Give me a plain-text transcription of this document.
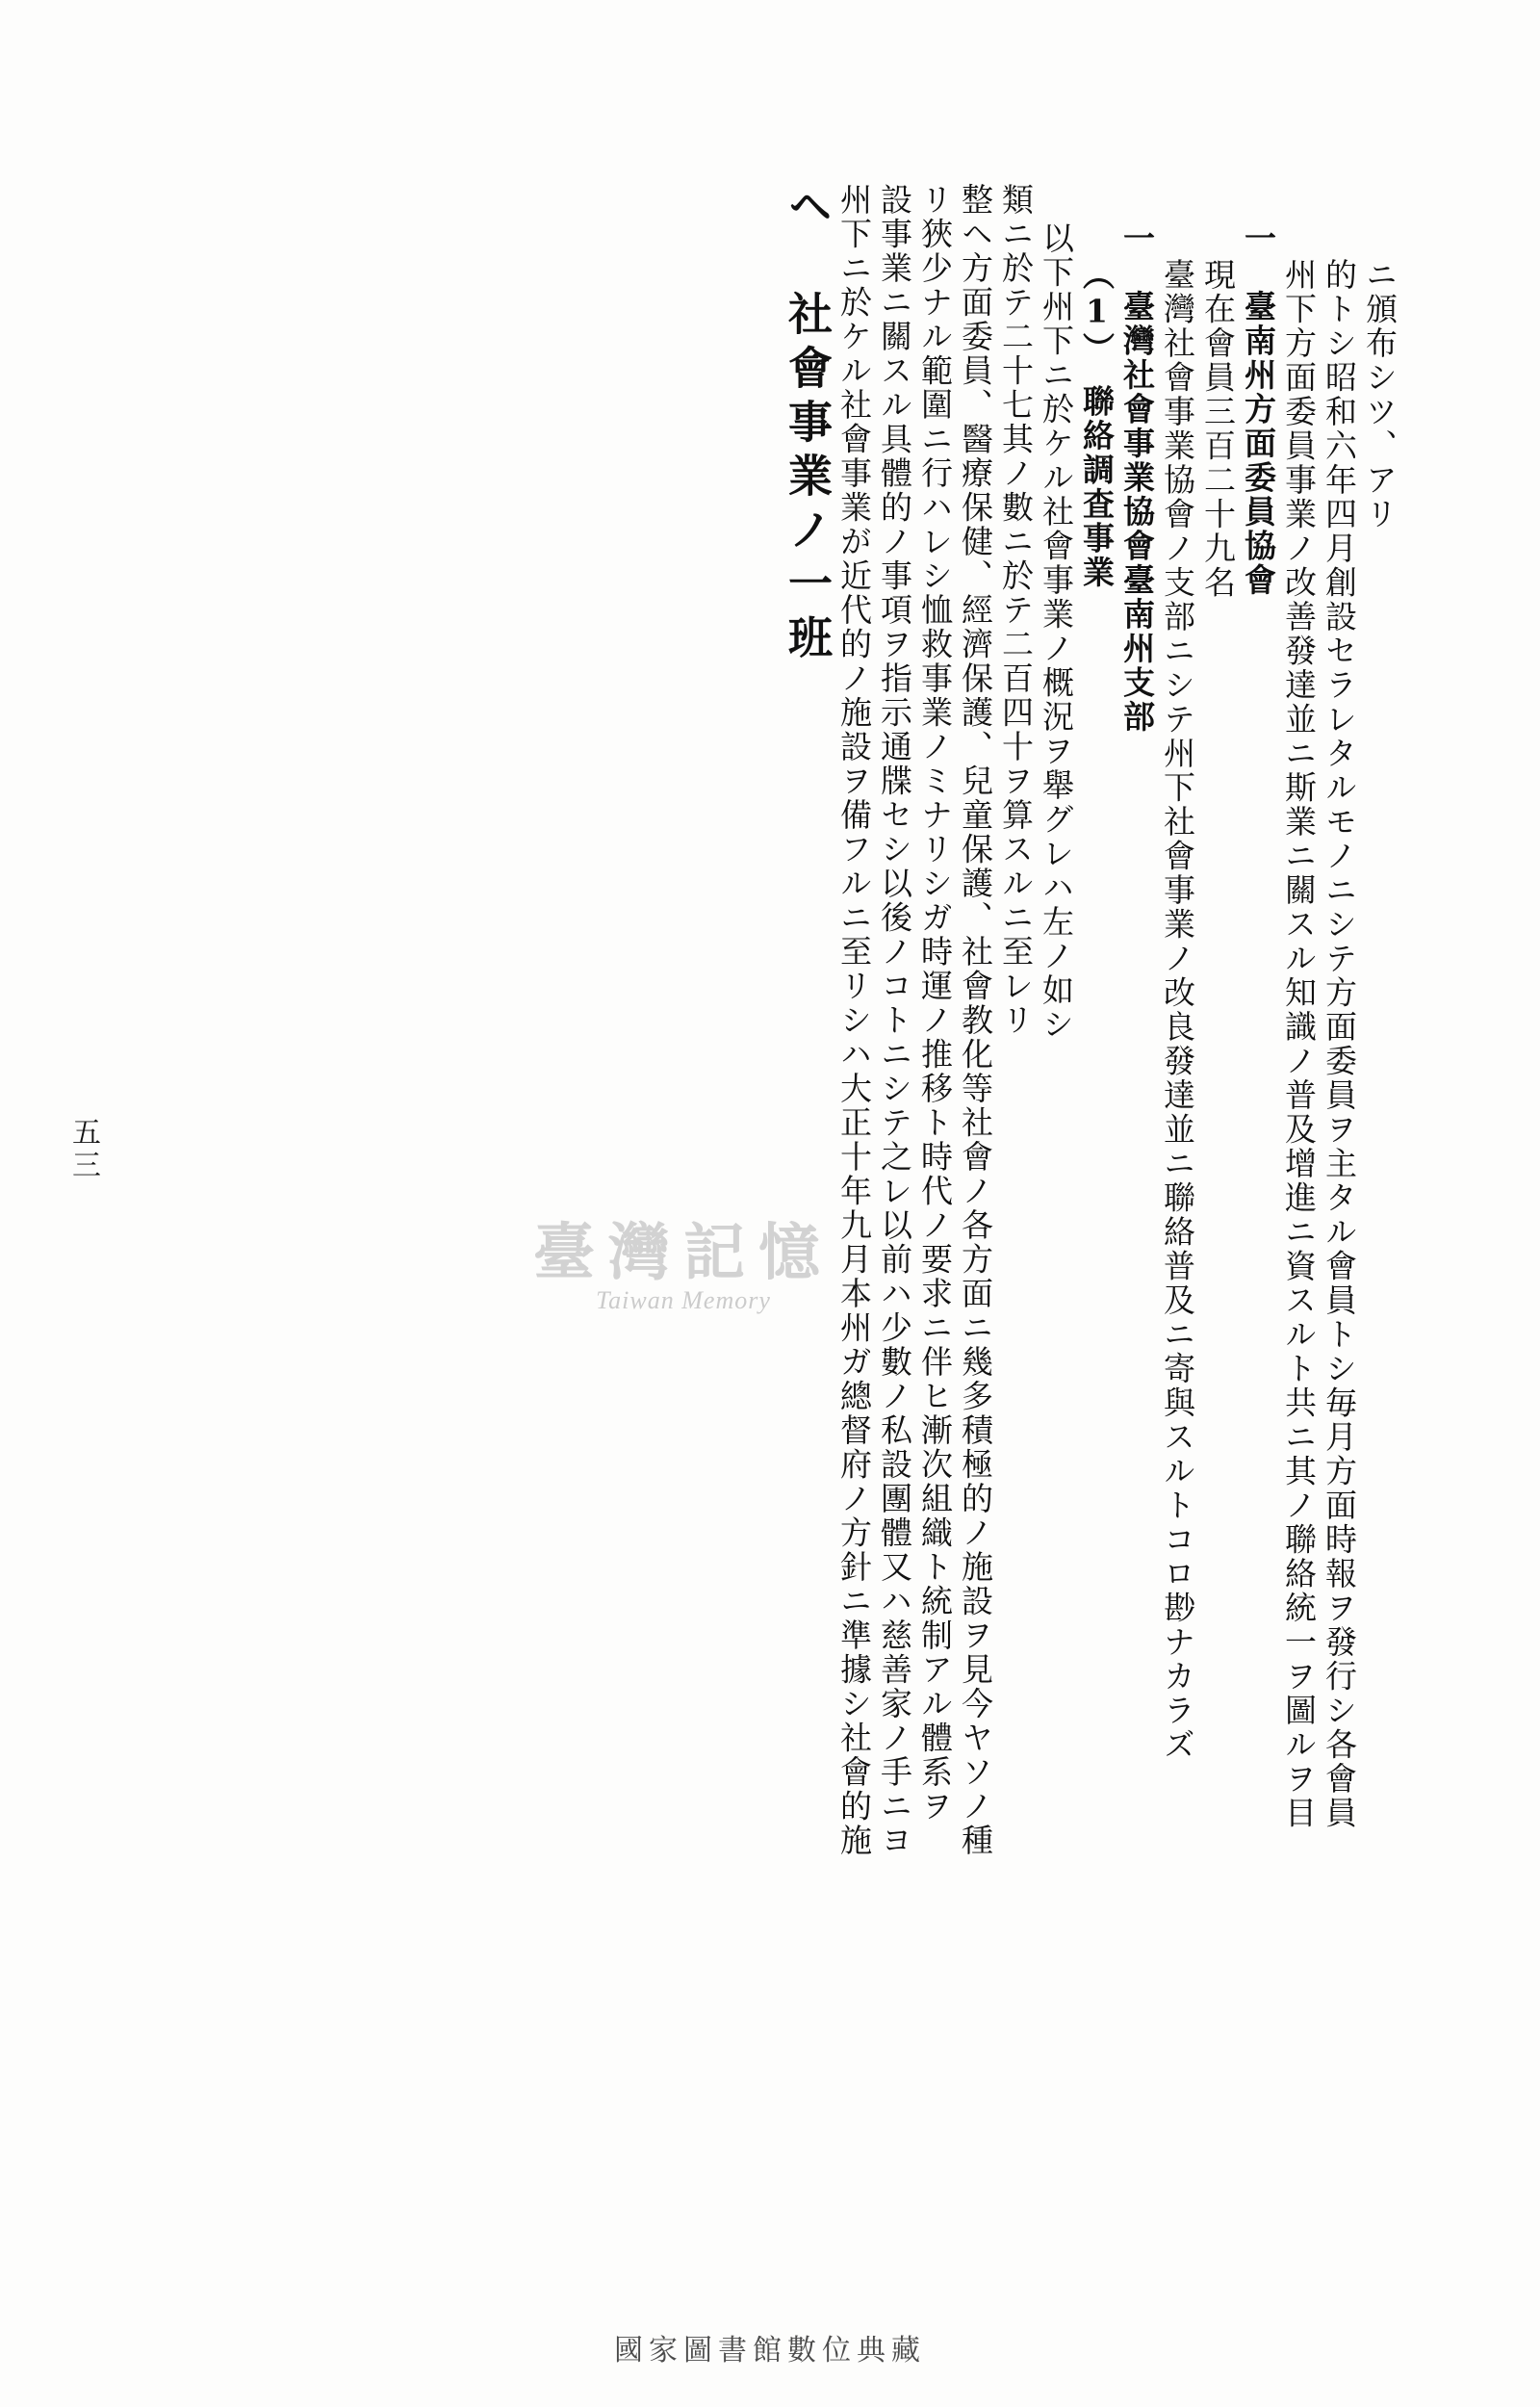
ヘ　社會事業ノ一班 州下ニ於ケル社會事業が近代的ノ施設ヲ備フルニ至リシハ大正十年九月本州ガ總督府ノ方針ニ準據シ社會的施 設事業ニ關スル具體的ノ事項ヲ指示通牒セシ以後ノコトニシテ之レ以前ハ少數ノ私設團體又ハ慈善家ノ手ニヨ リ狹少ナル範圍ニ行ハレシ恤救事業ノミナリシガ時運ノ推移ト時代ノ要求ニ伴ヒ漸次組織ト統制アル體系ヲ 整ヘ方面委員、醫療保健、經濟保護、兒童保護、社會教化等社會ノ各方面ニ幾多積極的ノ施設ヲ見今ヤソノ種 類ニ於テ二十七其ノ數ニ於テ二百四十ヲ算スルニ至レリ 以下州下ニ於ケル社會事業ノ概況ヲ舉グレハ左ノ如シ （1）　聯絡調査事業 一　臺灣社會事業協會臺南州支部 臺灣社會事業協會ノ支部ニシテ州下社會事業ノ改良發達並ニ聯絡普及ニ寄與スルトコロ尠ナカラズ 現在會員三百二十九名 一　臺南州方面委員協會 州下方面委員事業ノ改善發達並ニ斯業ニ關スル知識ノ普及增進ニ資スルト共ニ其ノ聯絡統一ヲ圖ルヲ目 的トシ昭和六年四月創設セラレタルモノニシテ方面委員ヲ主タル會員トシ毎月方面時報ヲ發行シ各會員 ニ頒布シツ、アリ
五三
臺灣記憶
Taiwan Memory
國家圖書館數位典藏
